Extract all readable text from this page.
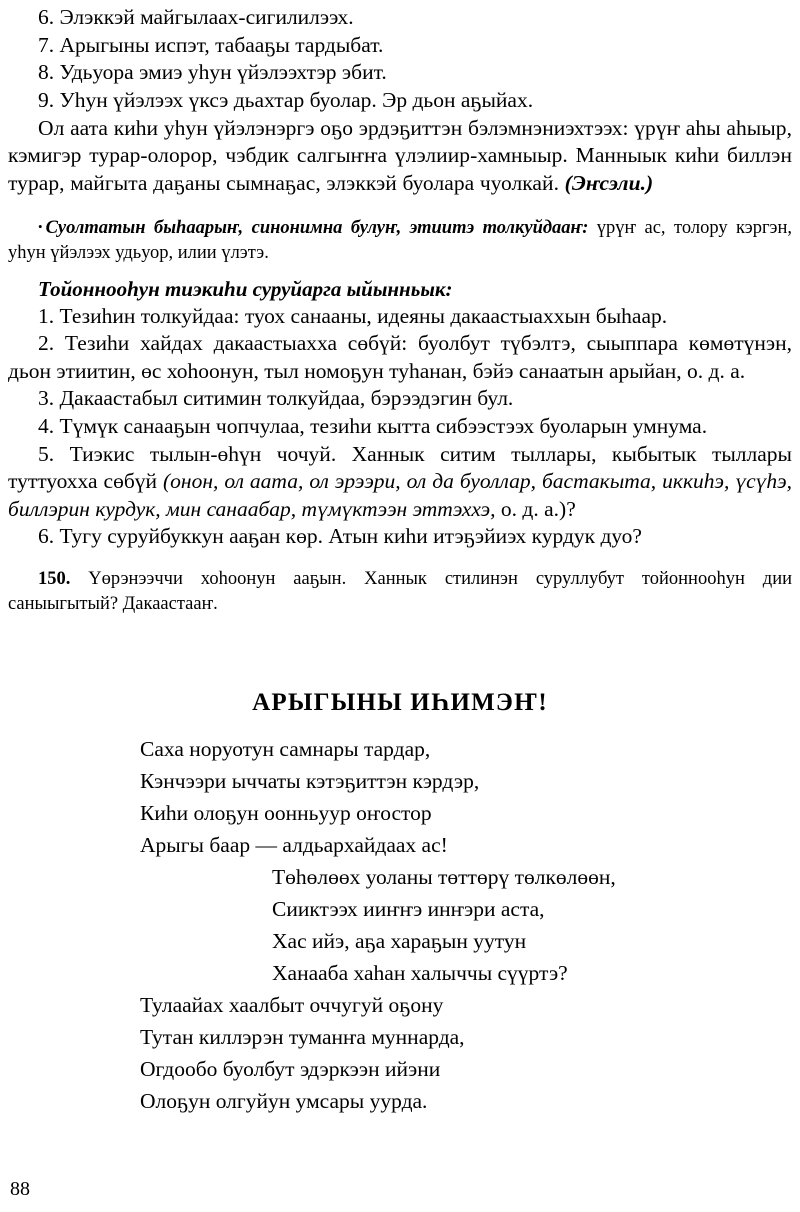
6. Элэккэй майгылаах-сигилилээх.

7. Арыгыны испэт, табааҕы тардыбат.

8. Удьуора эмиэ уһун үйэлээхтэр эбит.

9. Уһун үйэлээх үксэ дьахтар буолар. Эр дьон аҕыйах.

Ол аата киһи уһун үйэлэнэргэ оҕо эрдэҕиттэн бэлэмнэниэхтээх: үрүҥ аһы аһыыр, кэмигэр турар-олорор, чэбдик салгыҥҥа үлэлиир-хамныыр. Манныык киһи биллэн турар, майгыта даҕаны сымнаҕас, элэккэй буолара чуолкай. (Эҥсэли.)

• Суолтатын быһаарыҥ, синонимна булуҥ, этиитэ толкуйдааҥ: үрүҥ ас, толору кэргэн, уһун үйэлээх удьуор, илии үлэтэ.

Тойоннооһун тиэкиһи суруйарга ыйынньык:

1. Тезиһин толкуйдаа: туох санааны, идеяны дакаастыаххын быһаар.

2. Тезиһи хайдах дакаастыахха сөбүй: буолбут түбэлтэ, сыыппара көмөтүнэн, дьон этиитин, өс хоһоонун, тыл номоҕун туһанан, бэйэ санаатын арыйан, о. д. а.

3. Дакаастабыл ситимин толкуйдаа, бэрээдэгин бул.

4. Түмүк санааҕын чопчулаа, тезиһи кытта сибээстээх буоларын умнума.

5. Тиэкис тылын-өһүн чочуй. Ханнык ситим тыллары, кыбытык тыллары туттуохха сөбүй (онон, ол аата, ол эрээри, ол да буоллар, бастакыта, иккиһэ, үсүһэ, биллэрин курдук, мин санаабар, түмүктээн эттэххэ, о. д. а.)?

6. Тугу суруйбуккун ааҕан көр. Атын киһи итэҕэйиэх курдук дуо?

150. Үөрэнээччи хоһоонун ааҕын. Ханнык стилинэн суруллубут тойоннооһун дии саныыгытый? Дакаастааҥ.

АРЫГЫНЫ ИҺИМЭҤ!

Саха норуотун самнары тардар,

Кэнчээри ыччаты кэтэҕиттэн кэрдэр,

Киһи олоҕун оонньуур оҥостор

Арыгы баар — алдьархайдаах ас!

Төһөлөөх уоланы төттөрү төлкөлөөн,

Сииктээх ииҥҥэ инҥэри аста,

Хас ийэ, аҕа хараҕын уутун

Ханааба хаһан халыччы сүүртэ?

Тулаайах хаалбыт оччугуй оҕону

Тутан киллэрэн туманҥа муннарда,

Огдообо буолбут эдэркээн ийэни

Олоҕун олгуйун умсары уурда.

88
